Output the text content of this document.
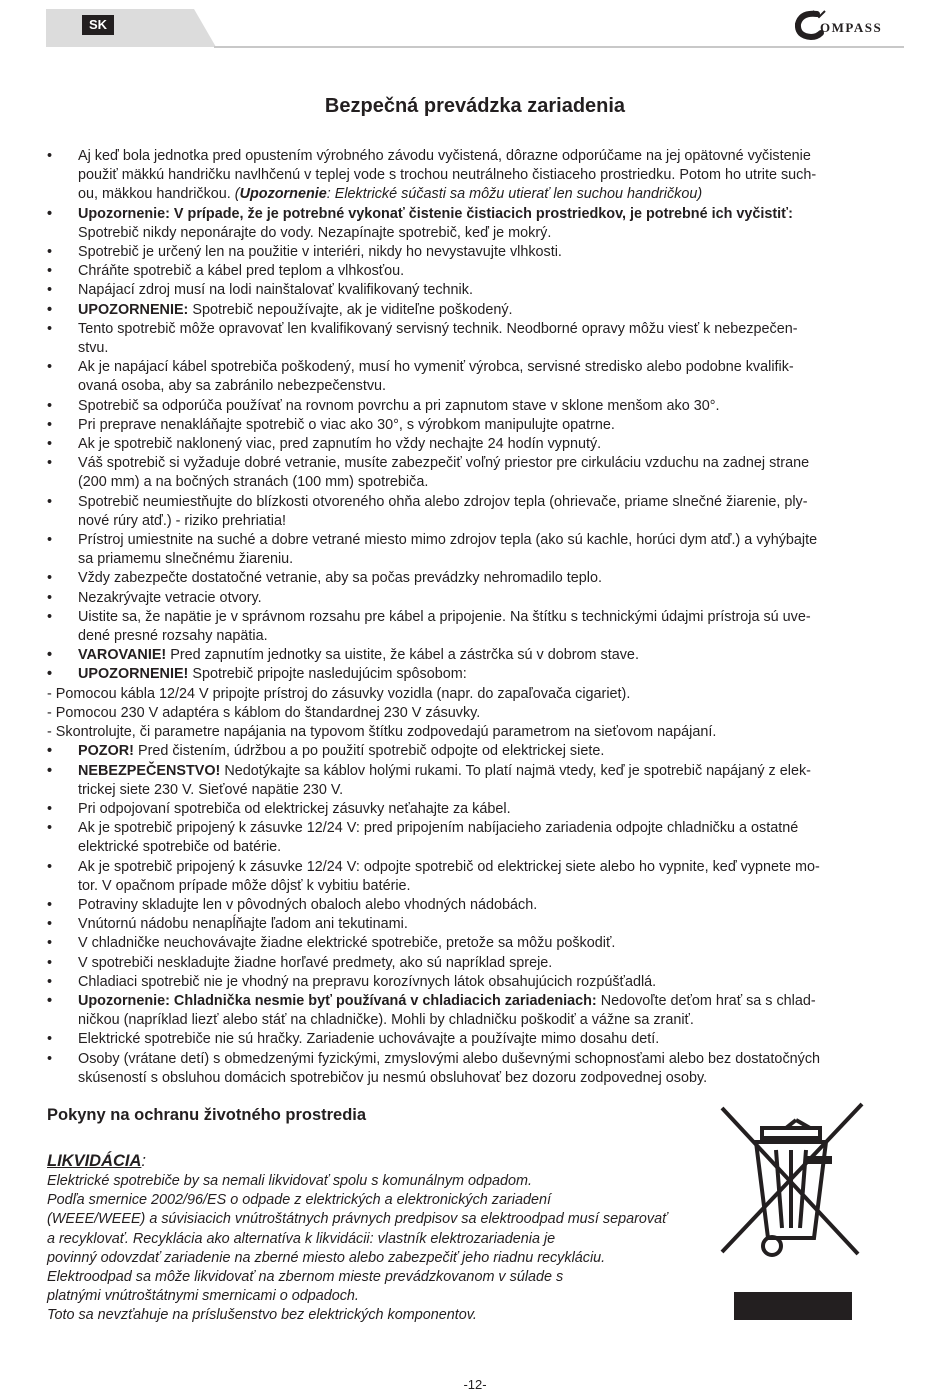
SK	OMPASS
Bezpečná prevádzka zariadenia
• Aj keď bola jednotka pred opustením výrobného závodu vyčistená, dôrazne odporúčame na jej opätovné vyčistenie
použiť mäkkú handričku navlhčenú v teplej vode s trochou neutrálneho čistiaceho prostriedku. Potom ho utrite such-
ou, mäkkou handričkou. (Upozornenie: Elektrické súčasti sa môžu utierať len suchou handričkou)
• Upozornenie: V prípade, že je potrebné vykonať čistenie čistiacich prostriedkov, je potrebné ich vyčistiť:
Spotrebič nikdy neponárajte do vody. Nezapínajte spotrebič, keď je mokrý.
• Spotrebič je určený len na použitie v interiéri, nikdy ho nevystavujte vlhkosti.
• Chráňte spotrebič a kábel pred teplom a vlhkosťou.
• Napájací zdroj musí na lodi nainštalovať kvalifikovaný technik.
• UPOZORNENIE: Spotrebič nepoužívajte, ak je viditeľne poškodený.
• Tento spotrebič môže opravovať len kvalifikovaný servisný technik. Neodborné opravy môžu viesť k nebezpečen-
stvu.
• Ak je napájací kábel spotrebiča poškodený, musí ho vymeniť výrobca, servisné stredisko alebo podobne kvalifik-
ovaná osoba, aby sa zabránilo nebezpečenstvu.
• Spotrebič sa odporúča používať na rovnom povrchu a pri zapnutom stave v sklone menšom ako 30°.
• Pri preprave nenakláňajte spotrebič o viac ako 30°, s výrobkom manipulujte opatrne.
• Ak je spotrebič naklonený viac, pred zapnutím ho vždy nechajte 24 hodín vypnutý.
• Váš spotrebič si vyžaduje dobré vetranie, musíte zabezpečiť voľný priestor pre cirkuláciu vzduchu na zadnej strane
(200 mm) a na bočných stranách (100 mm) spotrebiča.
• Spotrebič neumiestňujte do blízkosti otvoreného ohňa alebo zdrojov tepla (ohrievače, priame slnečné žiarenie, ply-
nové rúry atď.) - riziko prehriatia!
• Prístroj umiestnite na suché a dobre vetrané miesto mimo zdrojov tepla (ako sú kachle, horúci dym atď.) a vyhýbajte
sa priamemu slnečnému žiareniu.
• Vždy zabezpečte dostatočné vetranie, aby sa počas prevádzky nehromadilo teplo.
• Nezakrývajte vetracie otvory.
• Uistite sa, že napätie je v správnom rozsahu pre kábel a pripojenie. Na štítku s technickými údajmi prístroja sú uve-
dené presné rozsahy napätia.
• VAROVANIE! Pred zapnutím jednotky sa uistite, že kábel a zástrčka sú v dobrom stave.
• UPOZORNENIE! Spotrebič pripojte nasledujúcim spôsobom:
- Pomocou kábla 12/24 V pripojte prístroj do zásuvky vozidla (napr. do zapaľovača cigariet).
- Pomocou 230 V adaptéra s káblom do štandardnej 230 V zásuvky.
- Skontrolujte, či parametre napájania na typovom štítku zodpovedajú parametrom na sieťovom napájaní.
• POZOR! Pred čistením, údržbou a po použití spotrebič odpojte od elektrickej siete.
• NEBEZPEČENSTVO! Nedotýkajte sa káblov holými rukami. To platí najmä vtedy, keď je spotrebič napájaný z elek-
trickej siete 230 V. Sieťové napätie 230 V.
• Pri odpojovaní spotrebiča od elektrickej zásuvky neťahajte za kábel.
• Ak je spotrebič pripojený k zásuvke 12/24 V: pred pripojením nabíjacieho zariadenia odpojte chladničku a ostatné
elektrické spotrebiče od batérie.
• Ak je spotrebič pripojený k zásuvke 12/24 V: odpojte spotrebič od elektrickej siete alebo ho vypnite, keď vypnete mo-
tor. V opačnom prípade môže dôjsť k vybitiu batérie.
• Potraviny skladujte len v pôvodných obaloch alebo vhodných nádobách.
• Vnútornú nádobu nenapĺňajte ľadom ani tekutinami.
• V chladničke neuchovávajte žiadne elektrické spotrebiče, pretože sa môžu poškodiť.
• V spotrebiči neskladujte žiadne horľavé predmety, ako sú napríklad spreje.
• Chladiaci spotrebič nie je vhodný na prepravu korozívnych látok obsahujúcich rozpúšťadlá.
• Upozornenie: Chladnička nesmie byť používaná v chladiacich zariadeniach: Nedovoľte deťom hrať sa s chlad-
ničkou (napríklad liezť alebo stáť na chladničke). Mohli by chladničku poškodiť a vážne sa zraniť.
• Elektrické spotrebiče nie sú hračky. Zariadenie uchovávajte a používajte mimo dosahu detí.
• Osoby (vrátane detí) s obmedzenými fyzickými, zmyslovými alebo duševnými schopnosťami alebo bez dostatočných
skúseností s obsluhou domácich spotrebičov ju nesmú obsluhovať bez dozoru zodpovednej osoby.
Pokyny na ochranu životného prostredia
LIKVIDÁCIA:
Elektrické spotrebiče by sa nemali likvidovať spolu s komunálnym odpadom.
Podľa smernice 2002/96/ES o odpade z elektrických a elektronických zariadení
(WEEE/WEEE) a súvisiacich vnútroštátnych právnych predpisov sa elektroodpad musí separovať
a recyklovať. Recyklácia ako alternatíva k likvidácii: vlastník elektrozariadenia je
povinný odovzdať zariadenie na zberné miesto alebo zabezpečiť jeho riadnu recykláciu.
Elektroodpad sa môže likvidovať na zbernom mieste prevádzkovanom v súlade s
platnými vnútroštátnymi smernicami o odpadoch.
Toto sa nevzťahuje na príslušenstvo bez elektrických komponentov.
-12-
